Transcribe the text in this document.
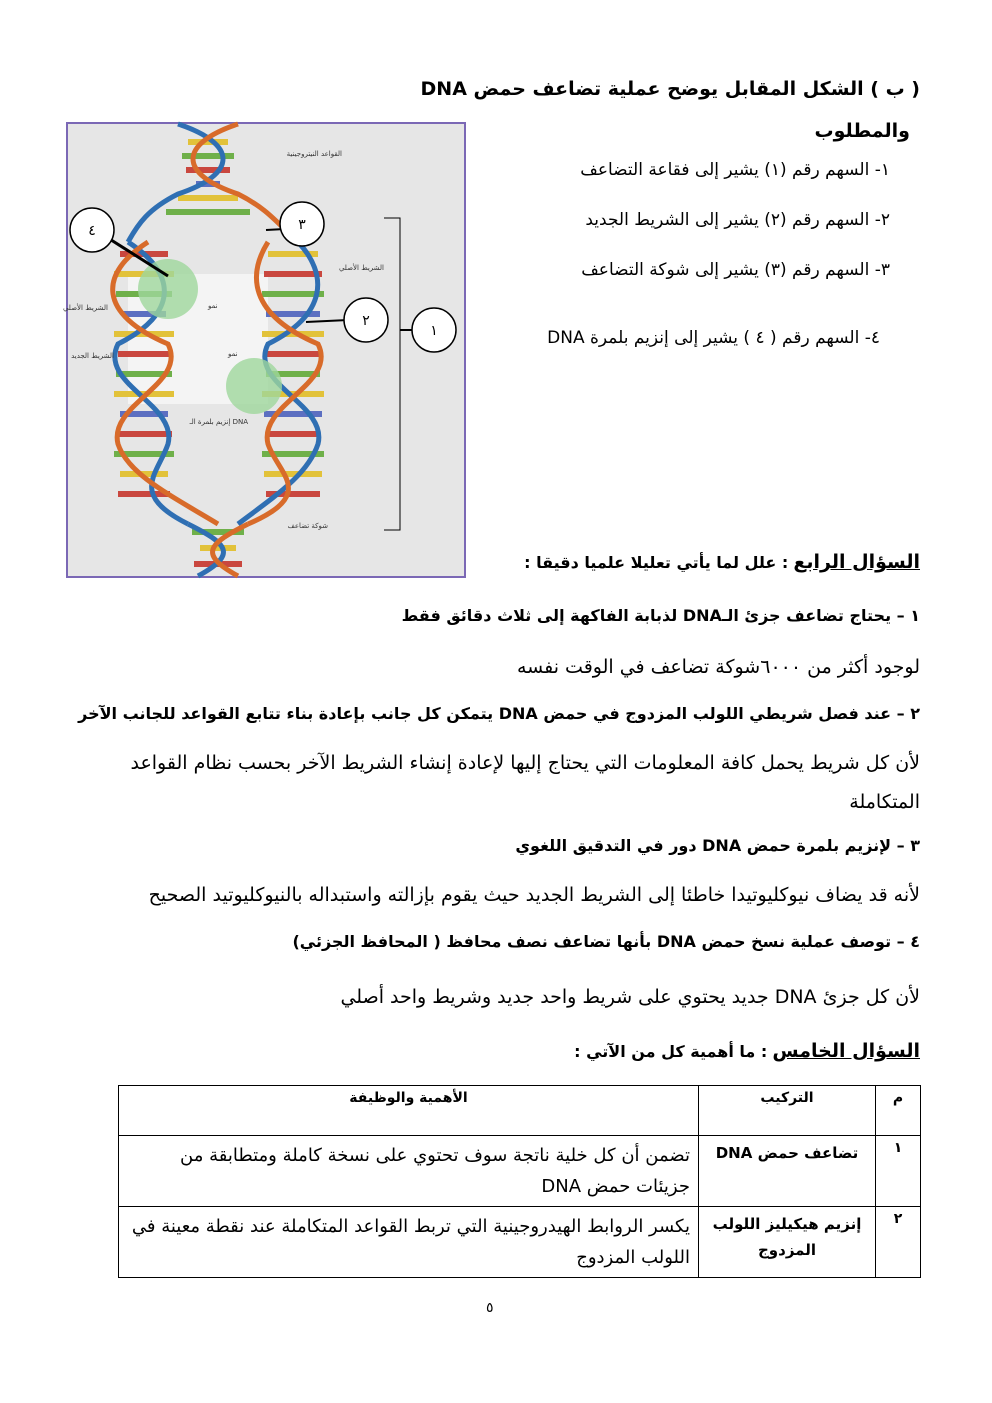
( ب ) الشكل المقابل يوضح عملية تضاعف حمض DNA
والمطلوب
١- السهم رقم (١) يشير إلى فقاعة التضاعف
٢- السهم رقم (٢) يشير إلى الشريط الجديد
٣- السهم رقم (٣) يشير إلى شوكة التضاعف
٤- السهم رقم ( ٤ ) يشير إلى إنزيم بلمرة DNA
القواعد النيتروجينية
الشريط الأصلي
الشريط الأصلي
الشريط الجديد
نمو
نمو
إنزيم بلمرة الـ DNA
شوكة تضاعف
٤	٣
٢
١
السؤال الرابع : علل لما يأتي تعليلا علميا دقيقا :
١ – يحتاج تضاعف جزئ الـDNA لذبابة الفاكهة إلى ثلاث دقائق فقط
لوجود أكثر من ٦٠٠٠شوكة تضاعف في الوقت نفسه
٢ – عند فصل شريطي اللولب المزدوج في حمض DNA يتمكن كل جانب بإعادة بناء تتابع القواعد للجانب الآخر
لأن كل شريط يحمل كافة المعلومات التي يحتاج إليها لإعادة إنشاء الشريط الآخر بحسب نظام القواعد المتكاملة
٣ – لإنزيم بلمرة حمض DNA دور في التدقيق اللغوي
لأنه قد يضاف نيوكليوتيدا خاطئا إلى الشريط الجديد حيث يقوم بإزالته واستبداله بالنيوكليوتيد الصحيح
٤ – توصف عملية نسخ حمض DNA بأنها تضاعف نصف محافظ ( المحافظ الجزئي)
لأن كل جزئ DNA جديد يحتوي على شريط واحد جديد وشريط واحد أصلي
السؤال الخامس : ما أهمية كل من الآتي :
م	التركيب	الأهمية والوظيفة
١	تضاعف حمض DNA	تضمن أن كل خلية ناتجة سوف تحتوي على نسخة كاملة ومتطابقة من جزيئات حمض DNA
٢	إنزيم هيكيليز اللولب المزدوج	يكسر الروابط الهيدروجينية التي تربط القواعد المتكاملة عند نقطة معينة في اللولب المزدوج
٥
